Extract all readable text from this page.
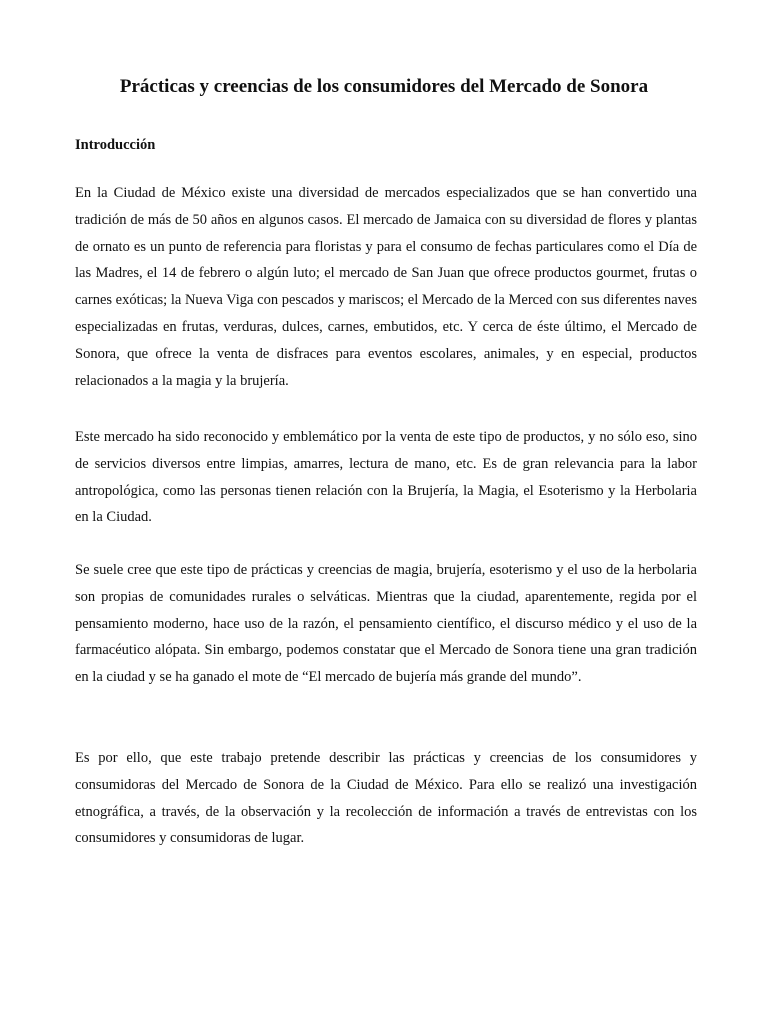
Prácticas y creencias de los consumidores del Mercado de Sonora
Introducción

En la Ciudad de México existe una diversidad de mercados especializados que se han convertido una tradición de más de 50 años en algunos casos. El mercado de Jamaica con su diversidad de flores y plantas de ornato es un punto de referencia para floristas y para el consumo de fechas particulares como el Día de las Madres, el 14 de febrero o algún luto; el mercado de San Juan que ofrece productos gourmet, frutas o carnes exóticas; la Nueva Viga con pescados y mariscos; el Mercado de la Merced con sus diferentes naves especializadas en frutas, verduras, dulces, carnes, embutidos, etc. Y cerca de éste último, el Mercado de Sonora, que ofrece la venta de disfraces para eventos escolares, animales, y en especial, productos relacionados a la magia y la brujería.

Este mercado ha sido reconocido y emblemático por la venta de este tipo de productos, y no sólo eso, sino de servicios diversos entre limpias, amarres, lectura de mano, etc. Es de gran relevancia para la labor antropológica, como las personas tienen relación con la Brujería, la Magia, el Esoterismo y la Herbolaria en la Ciudad.

Se suele cree que este tipo de prácticas y creencias de magia, brujería, esoterismo y el uso de la herbolaria son propias de comunidades rurales o selváticas. Mientras que la ciudad, aparentemente, regida por el pensamiento moderno, hace uso de la razón, el pensamiento científico, el discurso médico y el uso de la farmacéutico alópata. Sin embargo, podemos constatar que el Mercado de Sonora tiene una gran tradición en la ciudad y se ha ganado el mote de “El mercado de bujería más grande del mundo”.

Es por ello, que este trabajo pretende describir las prácticas y creencias de los consumidores y consumidoras del Mercado de Sonora de la Ciudad de México. Para ello se realizó una investigación etnográfica, a través, de la observación y la recolección de información a través de entrevistas con los consumidores y consumidoras de lugar.
